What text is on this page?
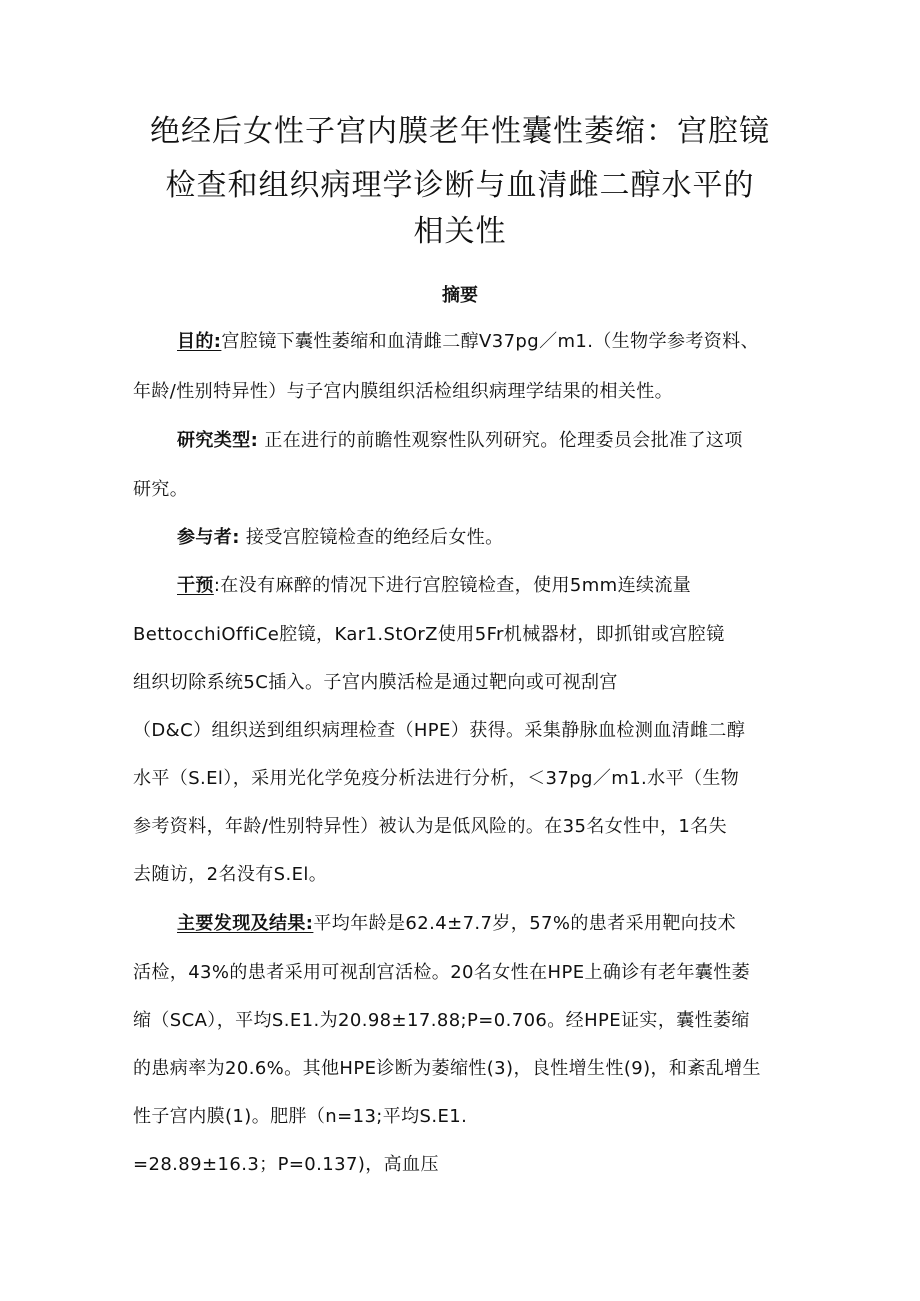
绝经后女性子宫内膜老年性囊性萎缩：宫腔镜
检查和组织病理学诊断与血清雌二醇水平的
相关性
摘要
目的:宫腔镜下囊性萎缩和血清雌二醇V37pg／m1.（生物学参考资料、
年龄/性别特异性）与子宫内膜组织活检组织病理学结果的相关性。
研究类型: 正在进行的前瞻性观察性队列研究。伦理委员会批准了这项
研究。
参与者: 接受宫腔镜检查的绝经后女性。
干预:在没有麻醉的情况下进行宫腔镜检查，使用5mm连续流量
BettocchiOffiCe腔镜，Kar1.StOrZ使用5Fr机械器材，即抓钳或宫腔镜
组织切除系统5C插入。子宫内膜活检是通过靶向或可视刮宫
（D&C）组织送到组织病理检查（HPE）获得。采集静脉血检测血清雌二醇
水平（S.El），采用光化学免疫分析法进行分析，＜37pg／m1.水平（生物
参考资料，年龄/性别特异性）被认为是低风险的。在35名女性中，1名失
去随访，2名没有S.El。
主要发现及结果:平均年龄是62.4±7.7岁，57%的患者采用靶向技术
活检，43%的患者采用可视刮宫活检。20名女性在HPE上确诊有老年囊性萎
缩（SCA），平均S.E1.为20.98±17.88;P=0.706。经HPE证实，囊性萎缩
的患病率为20.6%。其他HPE诊断为萎缩性(3)，良性增生性(9)，和紊乱增生
性子宫内膜(1)。肥胖（n=13;平均S.E1.
=28.89±16.3；P=0.137)，高血压
